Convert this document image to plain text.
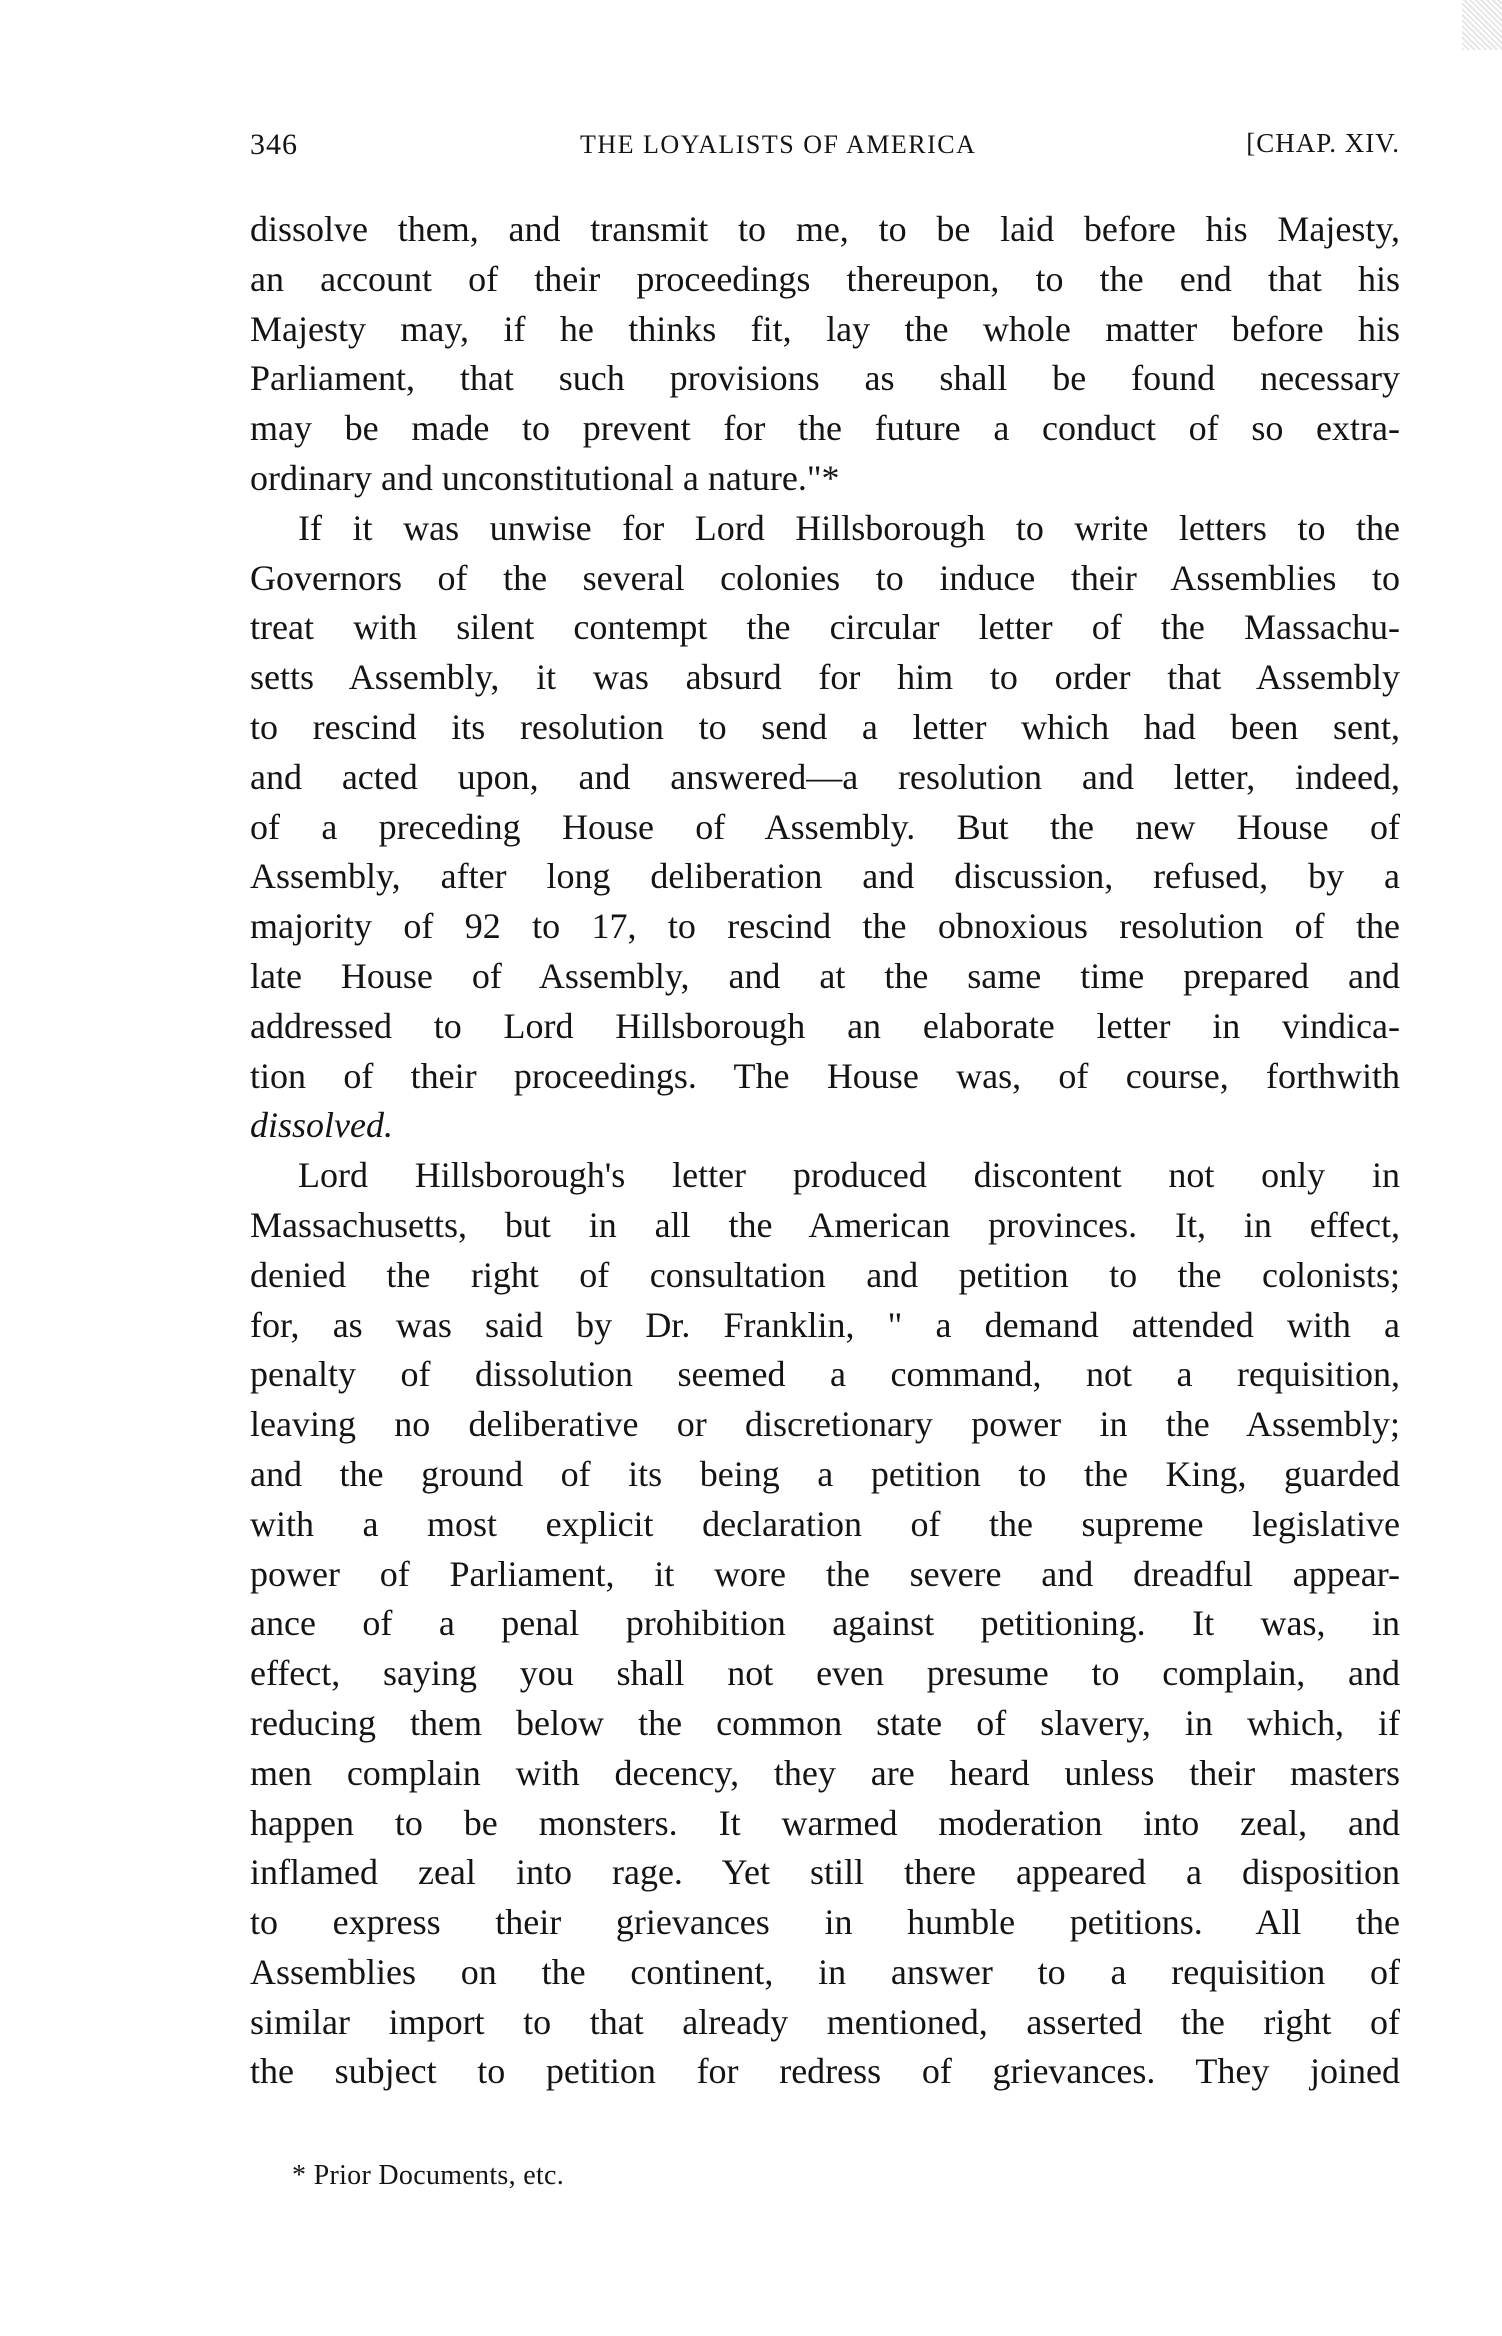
346	THE LOYALISTS OF AMERICA	[CHAP. XIV.
dissolve them, and transmit to me, to be laid before his Majesty,
an account of their proceedings thereupon, to the end that his
Majesty may, if he thinks fit, lay the whole matter before his
Parliament, that such provisions as shall be found necessary
may be made to prevent for the future a conduct of so extra-
ordinary and unconstitutional a nature."*
If it was unwise for Lord Hillsborough to write letters to the
Governors of the several colonies to induce their Assemblies to
treat with silent contempt the circular letter of the Massachu-
setts Assembly, it was absurd for him to order that Assembly
to rescind its resolution to send a letter which had been sent,
and acted upon, and answered—a resolution and letter, indeed,
of a preceding House of Assembly. But the new House of
Assembly, after long deliberation and discussion, refused, by a
majority of 92 to 17, to rescind the obnoxious resolution of the
late House of Assembly, and at the same time prepared and
addressed to Lord Hillsborough an elaborate letter in vindica-
tion of their proceedings. The House was, of course, forthwith
dissolved.
Lord Hillsborough's letter produced discontent not only in
Massachusetts, but in all the American provinces. It, in effect,
denied the right of consultation and petition to the colonists;
for, as was said by Dr. Franklin, " a demand attended with a
penalty of dissolution seemed a command, not a requisition,
leaving no deliberative or discretionary power in the Assembly;
and the ground of its being a petition to the King, guarded
with a most explicit declaration of the supreme legislative
power of Parliament, it wore the severe and dreadful appear-
ance of a penal prohibition against petitioning. It was, in
effect, saying you shall not even presume to complain, and
reducing them below the common state of slavery, in which, if
men complain with decency, they are heard unless their masters
happen to be monsters. It warmed moderation into zeal, and
inflamed zeal into rage. Yet still there appeared a disposition
to express their grievances in humble petitions. All the
Assemblies on the continent, in answer to a requisition of
similar import to that already mentioned, asserted the right of
the subject to petition for redress of grievances. They joined
* Prior Documents, etc.
